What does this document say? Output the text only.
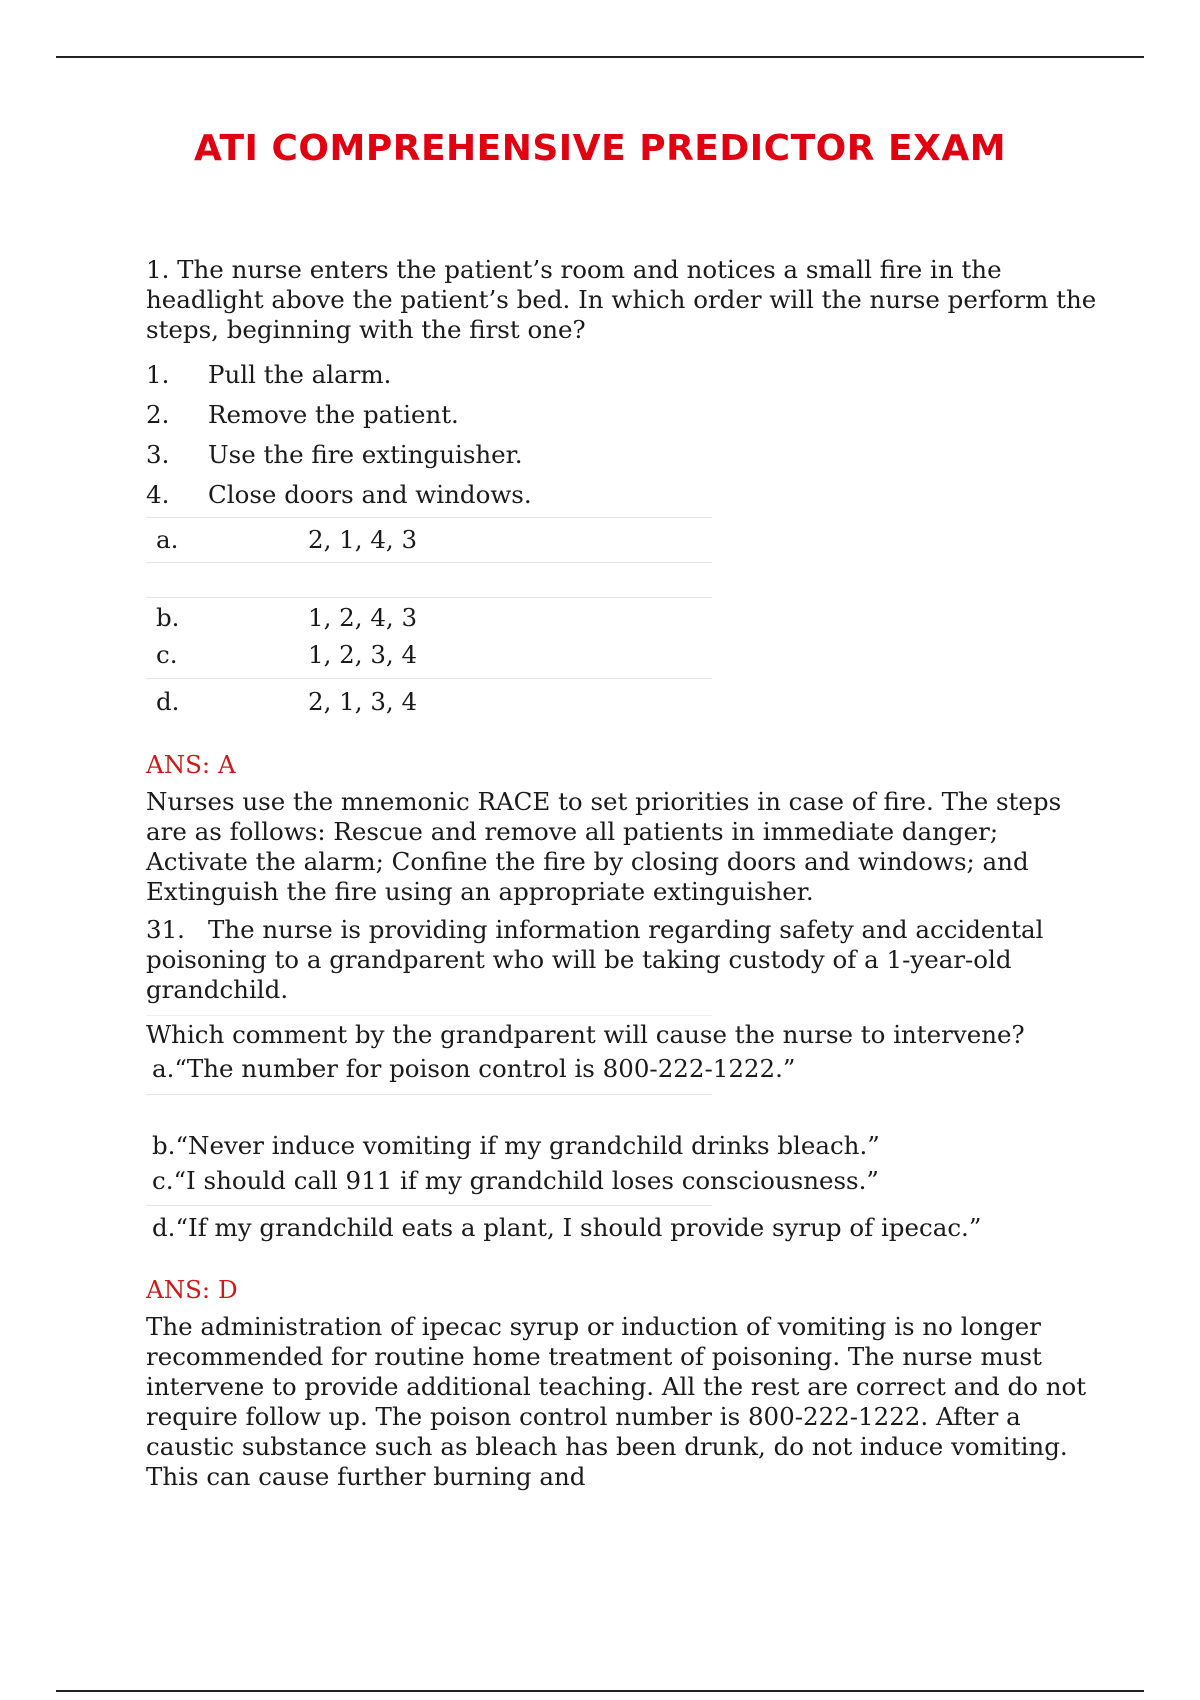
ATI COMPREHENSIVE PREDICTOR EXAM

1. The nurse enters the patient’s room and notices a small fire in the headlight above the patient’s bed. In which order will the nurse perform the steps, beginning with the first one?

1.	Pull the alarm.
2.	Remove the patient.
3.	Use the fire extinguisher.
4.	Close doors and windows.
a.	2, 1, 4, 3
b.	1, 2, 4, 3
c.	1, 2, 3, 4
d.	2, 1, 3, 4
ANS: A

Nurses use the mnemonic RACE to set priorities in case of fire. The steps are as follows: Rescue and remove all patients in immediate danger; Activate the alarm; Confine the fire by closing doors and windows; and Extinguish the fire using an appropriate extinguisher.

31. The nurse is providing information regarding safety and accidental poisoning to a grandparent who will be taking custody of a 1-year-old grandchild.
Which comment by the grandparent will cause the nurse to intervene?
a. “The number for poison control is 800-222-1222.”
b. “Never induce vomiting if my grandchild drinks bleach.”
c. “I should call 911 if my grandchild loses consciousness.”
d. “If my grandchild eats a plant, I should provide syrup of ipecac.”
ANS: D

The administration of ipecac syrup or induction of vomiting is no longer recommended for routine home treatment of poisoning. The nurse must intervene to provide additional teaching. All the rest are correct and do not require follow up. The poison control number is 800-222-1222. After a caustic substance such as bleach has been drunk, do not induce vomiting. This can cause further burning and
